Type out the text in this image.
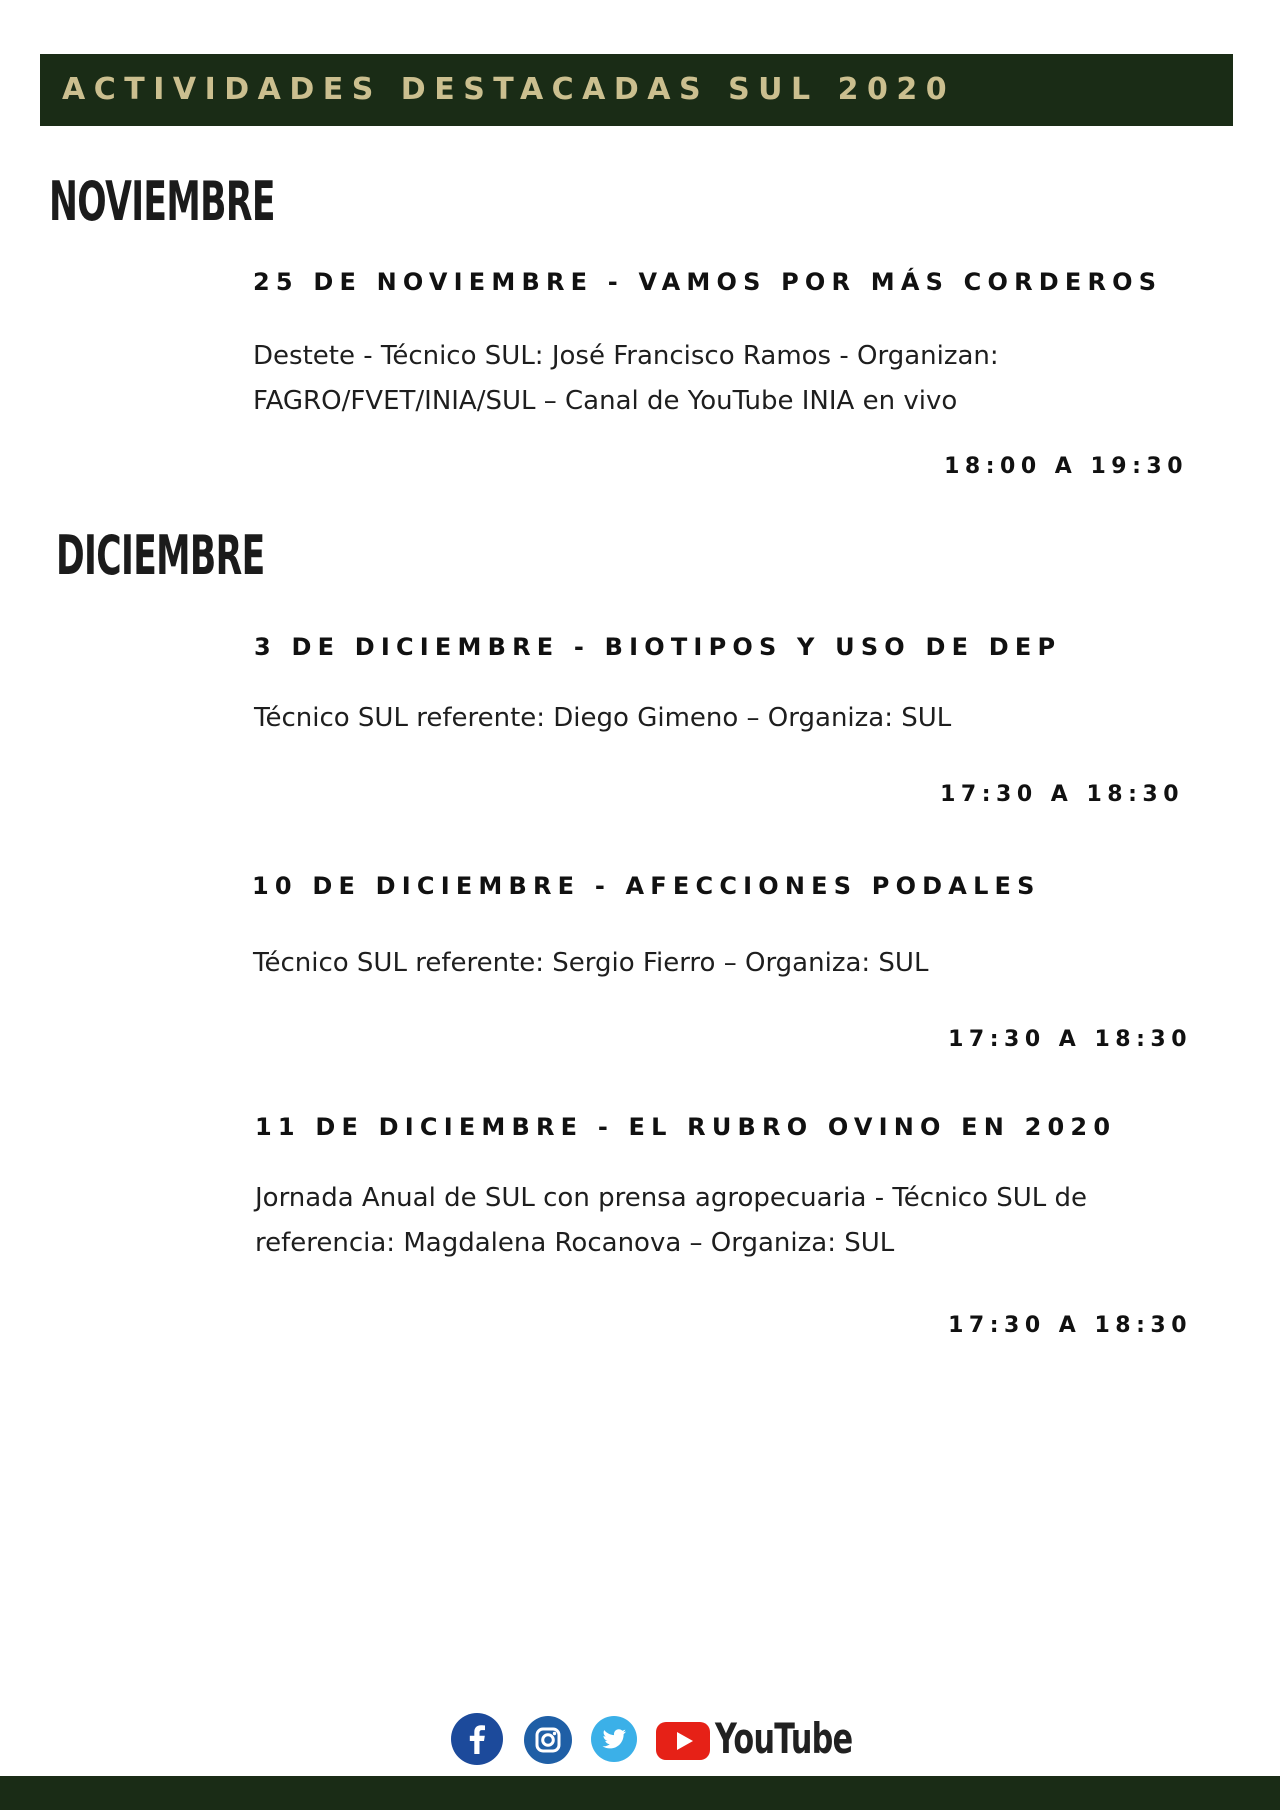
ACTIVIDADES DESTACADAS SUL 2020
NOVIEMBRE
25 DE NOVIEMBRE - VAMOS POR MÁS CORDEROS
Destete - Técnico SUL: José Francisco Ramos - Organizan: FAGRO/FVET/INIA/SUL – Canal de YouTube INIA en vivo
18:00 A 19:30
DICIEMBRE
3 DE DICIEMBRE - BIOTIPOS Y USO DE DEP
Técnico SUL referente: Diego Gimeno – Organiza: SUL
17:30 A 18:30
10 DE DICIEMBRE - AFECCIONES PODALES
Técnico SUL referente: Sergio Fierro – Organiza: SUL
17:30 A 18:30
11 DE DICIEMBRE - EL RUBRO OVINO EN 2020
Jornada Anual de SUL con prensa agropecuaria - Técnico SUL de referencia: Magdalena Rocanova – Organiza: SUL
17:30 A 18:30
YouTube
